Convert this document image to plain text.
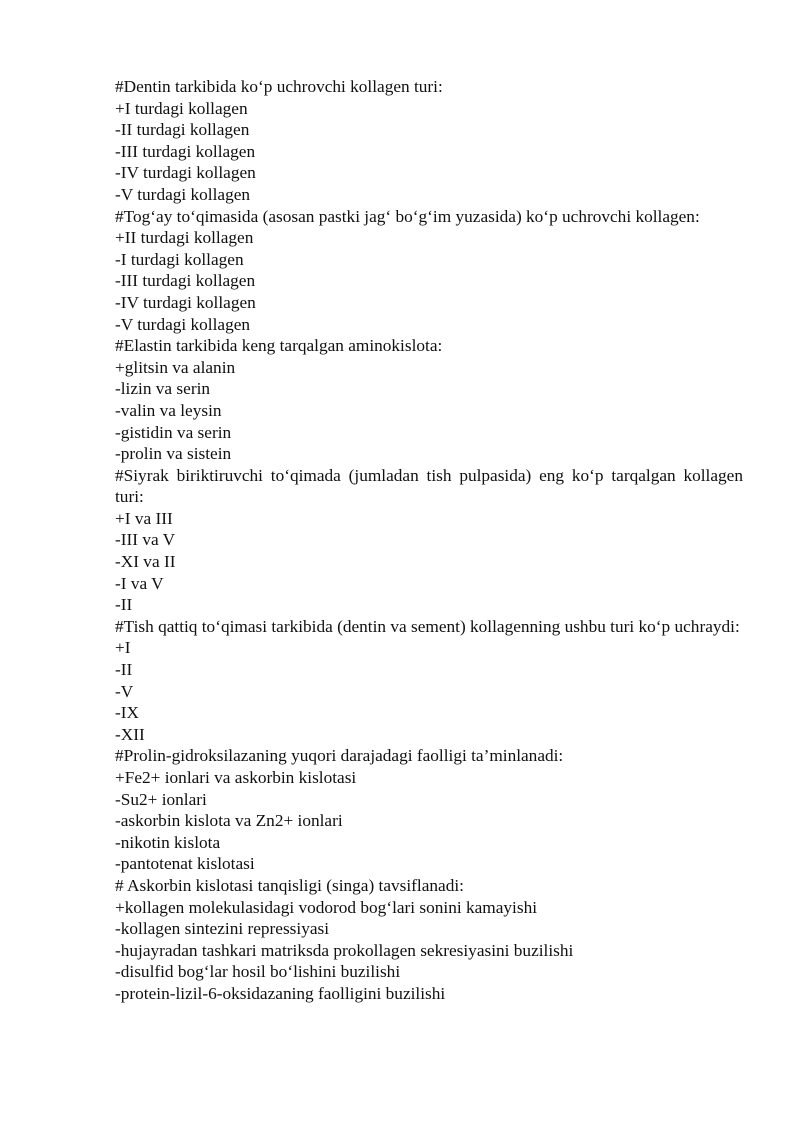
#Dentin tarkibida ko‘p uchrovchi kollagen turi:
+I turdagi kollagen
-II turdagi kollagen
-III turdagi kollagen
-IV turdagi kollagen
-V turdagi kollagen
#Tog‘ay to‘qimasida (asosan pastki jag‘ bo‘g‘im yuzasida) ko‘p uchrovchi kollagen:
+II turdagi kollagen
-I turdagi kollagen
-III turdagi kollagen
-IV turdagi kollagen
-V turdagi kollagen
#Elastin tarkibida keng tarqalgan aminokislota:
+glitsin va alanin
-lizin va serin
-valin va leysin
-gistidin va serin
-prolin va sistein
#Siyrak biriktiruvchi to‘qimada (jumladan tish pulpasida) eng ko‘p tarqalgan kollagen turi:
+I va III
-III va V
-XI va II
-I va V
-II
#Tish qattiq to‘qimasi tarkibida (dentin va sement) kollagenning ushbu turi ko‘p uchraydi:
+I
-II
-V
-IX
-XII
#Prolin-gidroksilazaning yuqori darajadagi faolligi ta’minlanadi:
+Fe2+ ionlari va askorbin kislotasi
-Su2+ ionlari
-askorbin kislota va Zn2+ ionlari
-nikotin kislota
-pantotenat kislotasi
# Askorbin kislotasi tanqisligi (singa) tavsiflanadi:
+kollagen molekulasidagi vodorod bog‘lari sonini kamayishi
-kollagen sintezini repressiyasi
-hujayradan tashkari matriksda prokollagen sekresiyasini buzilishi
-disulfid bog‘lar hosil bo‘lishini buzilishi
-protein-lizil-6-oksidazaning faolligini buzilishi
